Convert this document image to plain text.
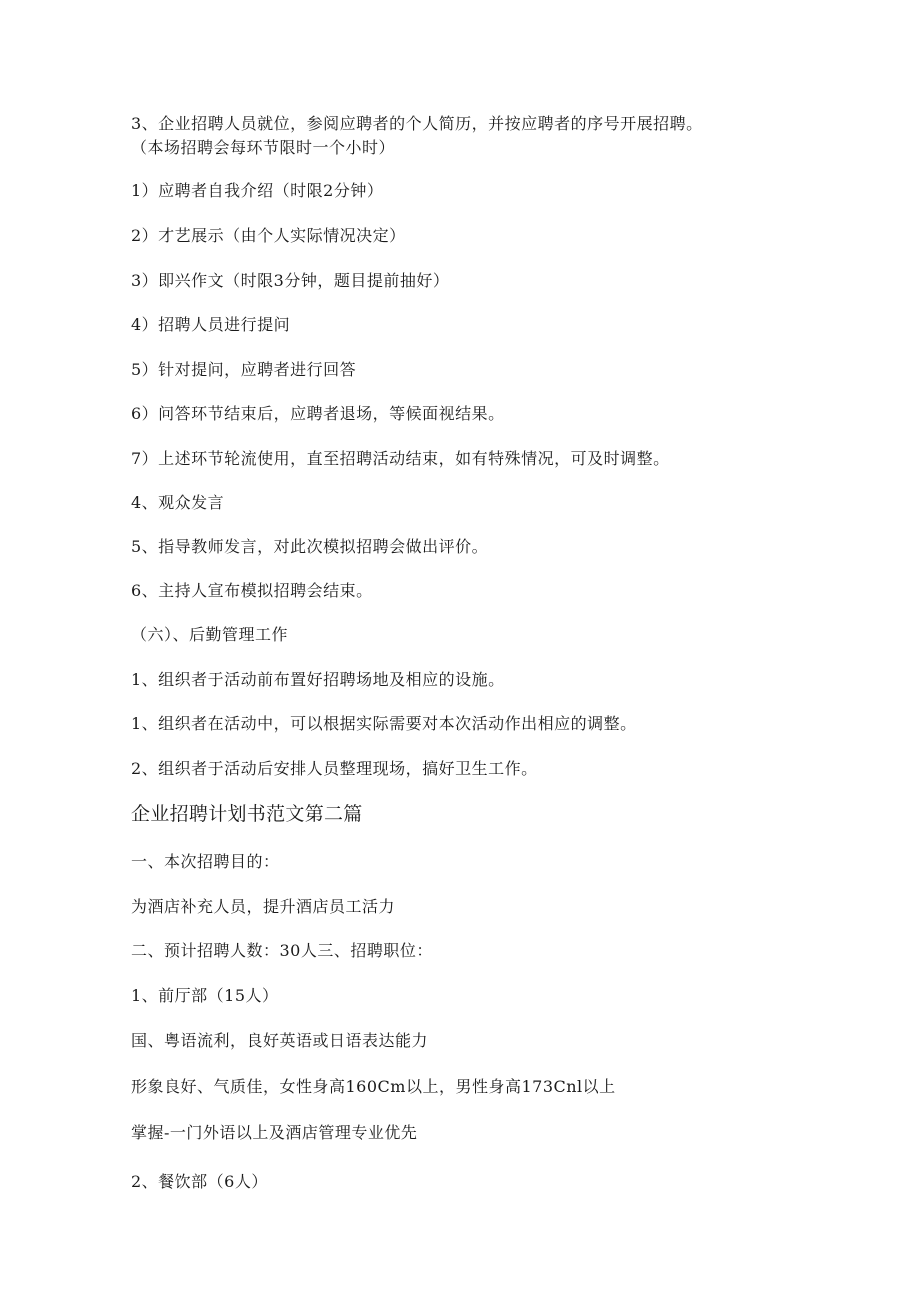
3、企业招聘人员就位，参阅应聘者的个人简历，并按应聘者的序号开展招聘。
（本场招聘会每环节限时一个小时）
1）应聘者自我介绍（时限2分钟）
2）才艺展示（由个人实际情况决定）
3）即兴作文（时限3分钟，题目提前抽好）
4）招聘人员进行提问
5）针对提问，应聘者进行回答
6）问答环节结束后，应聘者退场，等候面视结果。
7）上述环节轮流使用，直至招聘活动结束，如有特殊情况，可及时调整。
4、观众发言
5、指导教师发言，对此次模拟招聘会做出评价。
6、主持人宣布模拟招聘会结束。
（六）、后勤管理工作
1、组织者于活动前布置好招聘场地及相应的设施。
1、组织者在活动中，可以根据实际需要对本次活动作出相应的调整。
2、组织者于活动后安排人员整理现场，搞好卫生工作。
企业招聘计划书范文第二篇
一、本次招聘目的：
为酒店补充人员，提升酒店员工活力
二、预计招聘人数：30人三、招聘职位：
1、前厅部（15人）
国、粤语流利，良好英语或日语表达能力
形象良好、气质佳，女性身高160Cm以上，男性身高173Cnl以上
掌握-一门外语以上及酒店管理专业优先
2、餐饮部（6人）
